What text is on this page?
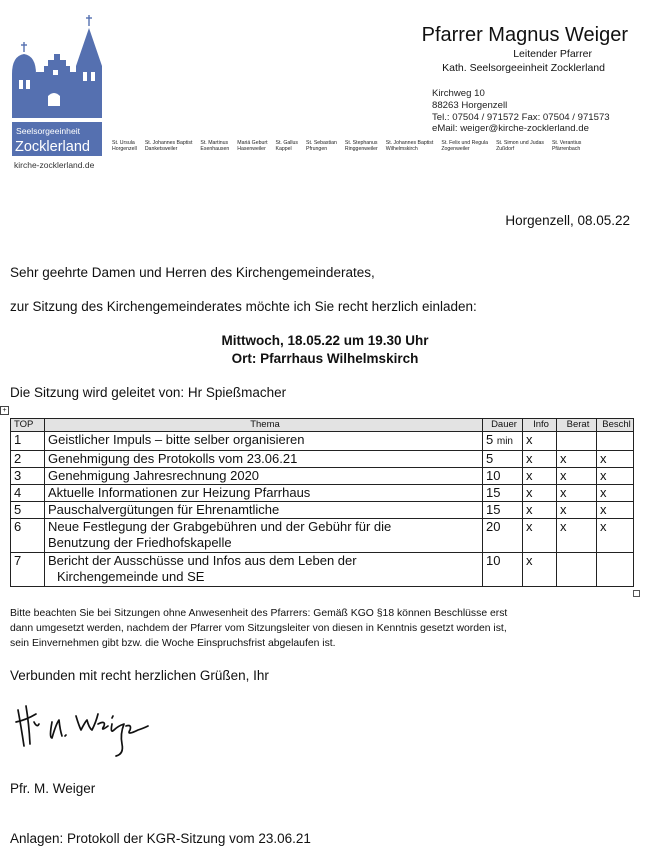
Seelsorgeeinheit
Zocklerland
kirche-zocklerland.de
Pfarrer Magnus Weiger
Leitender Pfarrer
Kath. Seelsorgeeinheit Zocklerland
Kirchweg 10
88263 Horgenzell
Tel.: 07504 / 971572 Fax: 07504 / 971573
eMail: weiger@kirche-zocklerland.de
St. Ursula
Horgenzell
St. Johannes Baptist
Danketsweiler
St. Martinus
Esenhausen
Mariä Geburt
Hasenweiler
St. Gallus
Kappel
St. Sebastian
Pfrungen
St. Stephanus
Ringgenweiler
St. Johannes Baptist
Wilhelmskirch
St. Felix und Regula
Zogenweiler
St. Simon und Judas
Zußdorf
St. Verantius
Pfärrenbach
Horgenzell, 08.05.22
Sehr geehrte Damen und Herren des Kirchengemeinderates,
zur Sitzung des Kirchengemeinderates möchte ich Sie recht herzlich einladen:
Mittwoch, 18.05.22 um 19.30 Uhr
Ort: Pfarrhaus Wilhelmskirch
Die Sitzung wird geleitet von: Hr Spießmacher
+
TOP	Thema	Dauer	Info	Berat	Beschl
1	Geistlicher Impuls – bitte selber organisieren	5 min	x		
2	Genehmigung des Protokolls vom 23.06.21	5	x	x	x
3	Genehmigung Jahresrechnung 2020	10	x	x	x
4	Aktuelle Informationen zur Heizung Pfarrhaus	15	x	x	x
5	Pauschalvergütungen für Ehrenamtliche	15	x	x	x
6	Neue Festlegung der Grabgebühren und der Gebühr für die
Benutzung der Friedhofskapelle	20	x	x	x
7	Bericht der Ausschüsse und Infos aus dem Leben der
Kirchengemeinde und SE	10	x		
Bitte beachten Sie bei Sitzungen ohne Anwesenheit des Pfarrers: Gemäß KGO §18 können Beschlüsse erst
dann umgesetzt werden, nachdem der Pfarrer vom Sitzungsleiter von diesen in Kenntnis gesetzt worden ist,
sein Einvernehmen gibt bzw. die Woche Einspruchsfrist abgelaufen ist.
Verbunden mit recht herzlichen Grüßen, Ihr
Pfr. M. Weiger
Anlagen: Protokoll der KGR-Sitzung vom 23.06.21
